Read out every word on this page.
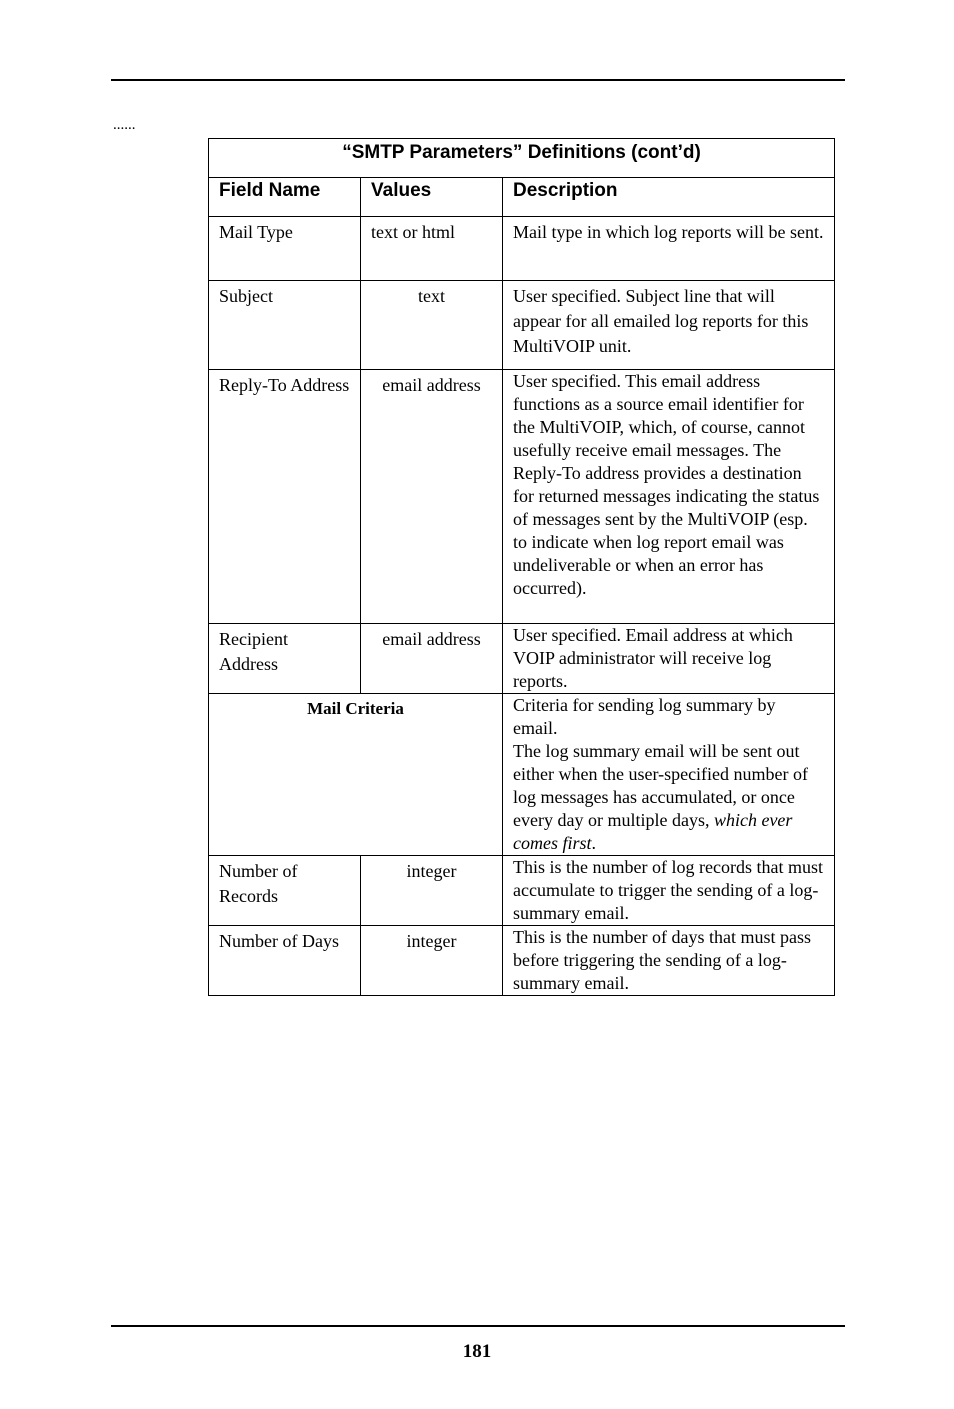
......
“SMTP Parameters” Definitions (cont’d)		
Field Name	Values	Description
Mail Type	text or html	Mail type in which log reports will be sent.
Subject	text	User specified. Subject line that will appear for all emailed log reports for this MultiVOIP unit.
Reply-To Address	email address	User specified. This email address functions as a source email identifier for the MultiVOIP, which, of course, cannot usefully receive email messages. The Reply-To address provides a destination for returned messages indicating the status of messages sent by the MultiVOIP (esp. to indicate when log report email was undeliverable or when an error has occurred).
Recipient Address	email address	User specified. Email address at which VOIP administrator will receive log reports.
Mail Criteria		Criteria for sending log summary by email.
The log summary email will be sent out either when the user-specified number of log messages has accumulated, or once every day or multiple days, which ever comes first.
Number of Records	integer	This is the number of log records that must accumulate to trigger the sending of a log-summary email.
Number of Days	integer	This is the number of days that must pass before triggering the sending of a log-summary email.
181
